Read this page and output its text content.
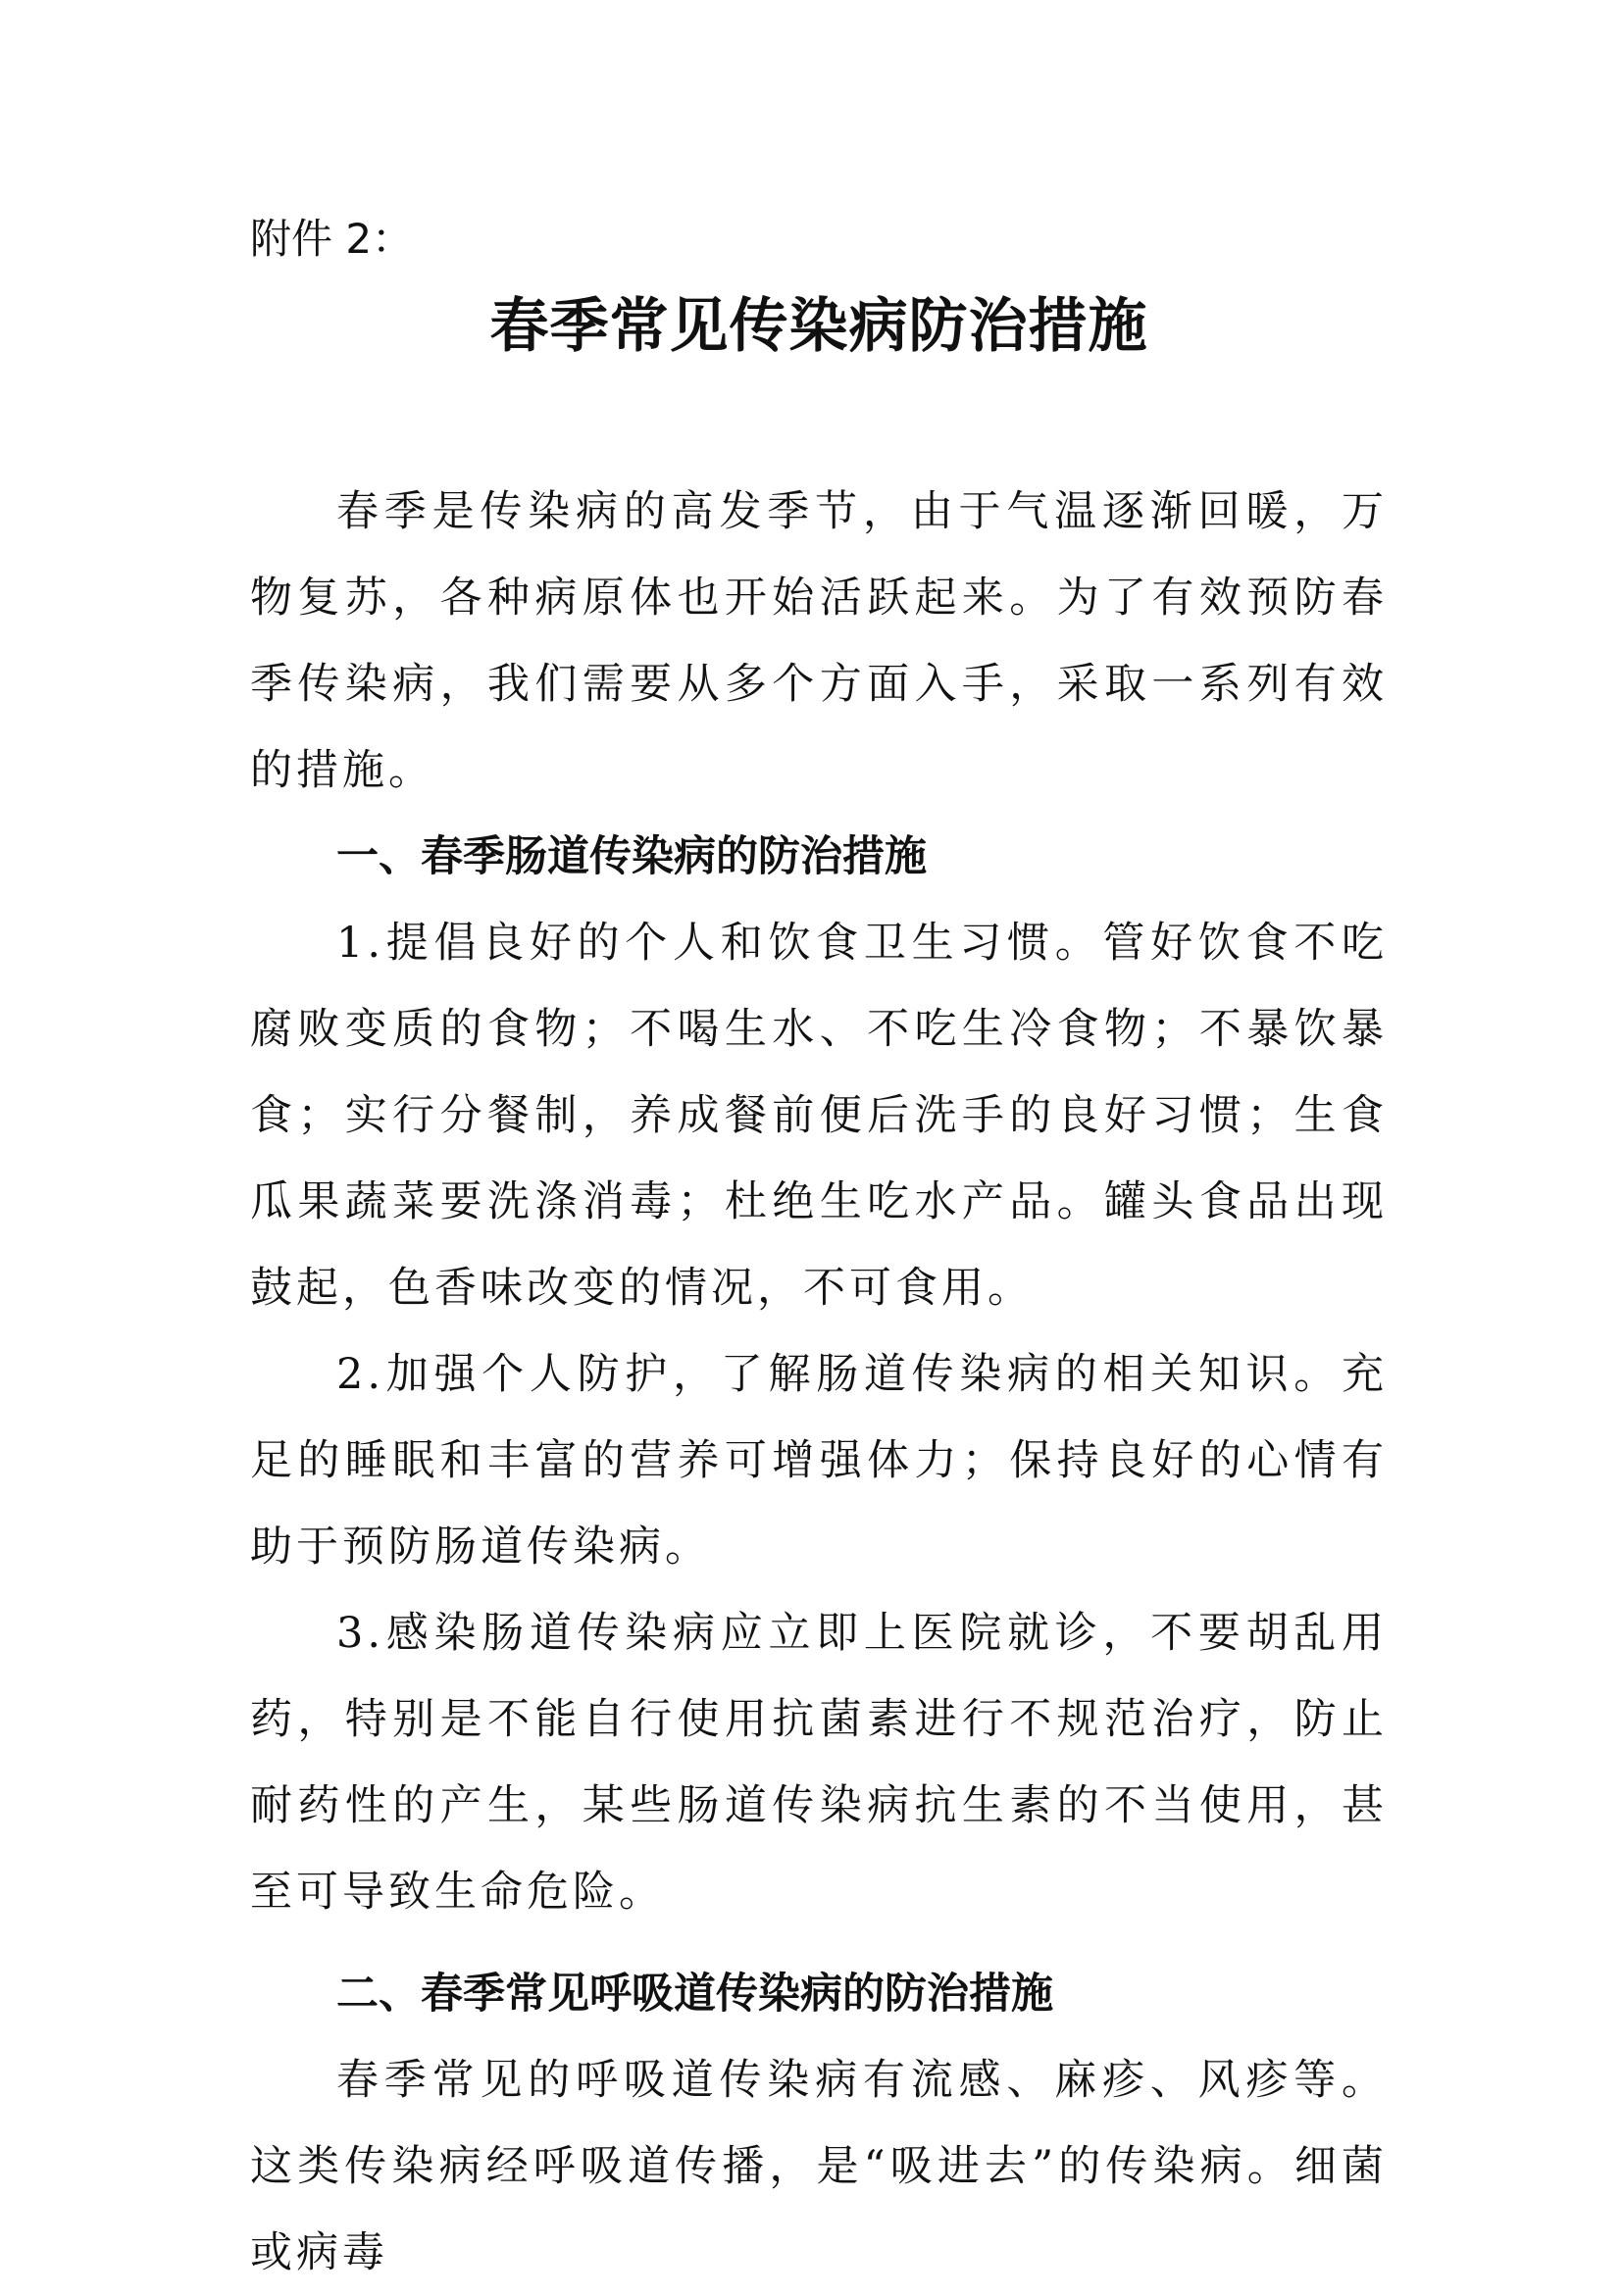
附件 2：

春季常见传染病防治措施

春季是传染病的高发季节，由于气温逐渐回暖，万物复苏，各种病原体也开始活跃起来。为了有效预防春季传染病，我们需要从多个方面入手，采取一系列有效的措施。

一、春季肠道传染病的防治措施

1.提倡良好的个人和饮食卫生习惯。管好饮食不吃腐败变质的食物；不喝生水、不吃生冷食物；不暴饮暴食；实行分餐制，养成餐前便后洗手的良好习惯；生食瓜果蔬菜要洗涤消毒；杜绝生吃水产品。罐头食品出现鼓起，色香味改变的情况，不可食用。

2.加强个人防护，了解肠道传染病的相关知识。充足的睡眠和丰富的营养可增强体力；保持良好的心情有助于预防肠道传染病。

3.感染肠道传染病应立即上医院就诊，不要胡乱用药，特别是不能自行使用抗菌素进行不规范治疗，防止耐药性的产生，某些肠道传染病抗生素的不当使用，甚至可导致生命危险。

二、春季常见呼吸道传染病的防治措施

春季常见的呼吸道传染病有流感、麻疹、风疹等。这类传染病经呼吸道传播，是“吸进去”的传染病。细菌或病毒
